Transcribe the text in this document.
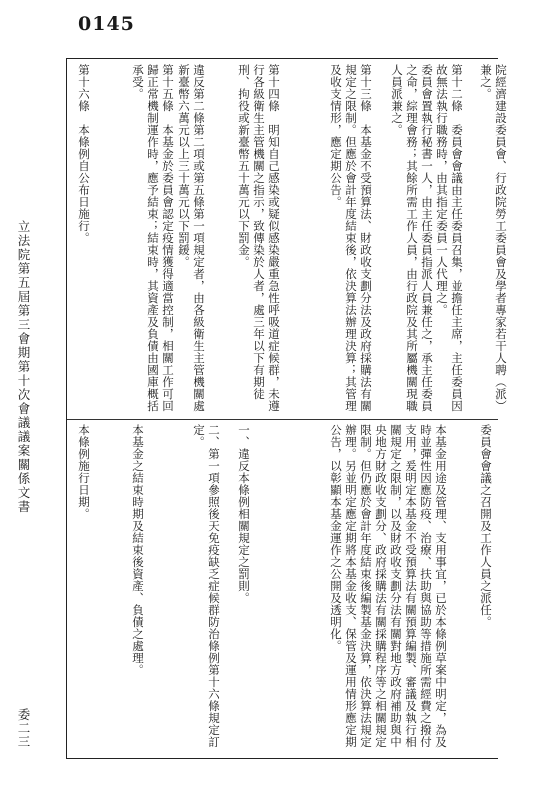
0145
立法院第五屆第三會期第十次會議議案關係文書
委二三
院經濟建設委員會、行政院勞工委員會及學者專家若干人聘（派）兼之。
第十二條　委員會會議由主任委員召集，並擔任主席，主任委員因故無法執行職務時，由其指定委員一人代理之。
委員會置執行秘書一人，由主任委員指派人員兼任之，承主任委員之命，綜理會務；其餘所需工作人員，由行政院及其所屬機關現職人員派兼之。
第十三條　本基金不受預算法、財政收支劃分法及政府採購法有關規定之限制。但應於會計年度結束後，依決算法辦理決算；其管理及收支情形，應定期公告。
第十四條　明知自己感染或疑似感染嚴重急性呼吸道症候群，未遵行各級衛生主管機關之指示，致傳染於人者，處三年以下有期徒刑、拘役或新臺幣五十萬元以下罰金。
違反第二條第二項或第五條第一項規定者，由各級衛生主管機關處新臺幣六萬元以上三十萬元以下罰鍰。
第十五條　本基金於委員會認定疫情獲得適當控制，相關工作可回歸正常機制運作時，應予結束；結束時，其資產及負債由國庫概括承受。
第十六條　本條例自公布日施行。
委員會會議之召開及工作人員之派任。
本基金用途及管理、支用事宜，已於本條例草案中明定，為及時並彈性因應防疫、治療、扶助與協助等措施所需經費之撥付支用，爰明定本基金不受預算法有關預算編製、審議及執行相關規定之限制，以及財政收支劃分法有關對地方政府補助與中央地方財政收支劃分、政府採購法有關採購程序等之相關規定限制。但仍應於會計年度結束後編製基金決算，依決算法規定辦理。另並明定應定期將本基金收支、保管及運用情形應定期公告，以彰顯本基金運作之公開及透明化。
一、違反本條例相關規定之罰則。
二、第一項參照後天免疫缺乏症候群防治條例第十六條規定訂定。
本基金之結束時期及結束後資產、負債之處理。
本條例施行日期。
